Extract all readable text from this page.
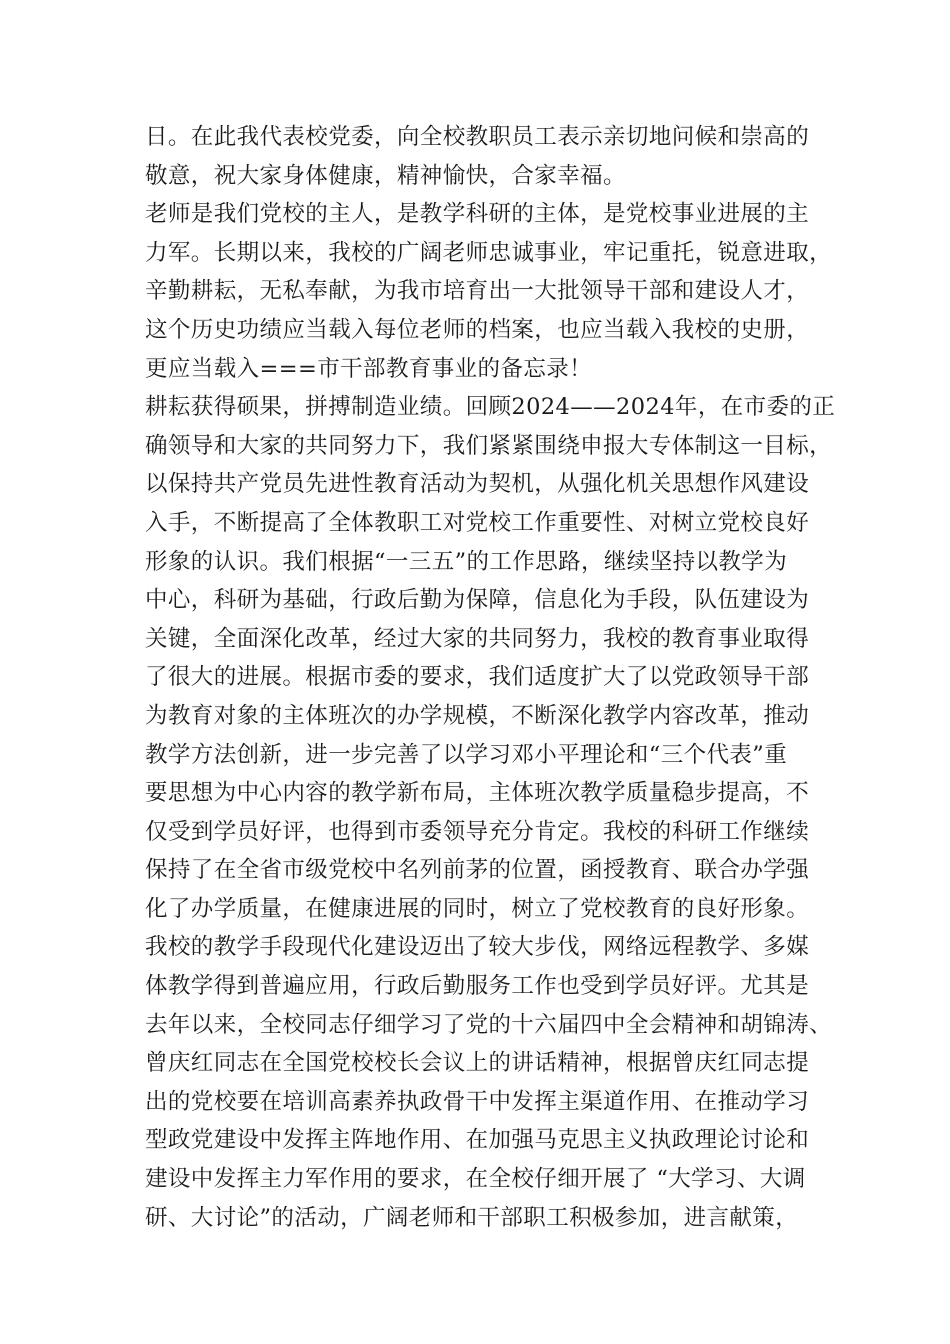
日。在此我代表校党委，向全校教职员工表示亲切地问候和崇高的
敬意，祝大家身体健康，精神愉快，合家幸福。
老师是我们党校的主人，是教学科研的主体，是党校事业进展的主
力军。长期以来，我校的广阔老师忠诚事业，牢记重托，锐意进取，
辛勤耕耘，无私奉献，为我市培育出一大批领导干部和建设人才，
这个历史功绩应当载入每位老师的档案，也应当载入我校的史册，
更应当载入===市干部教育事业的备忘录！
耕耘获得硕果，拼搏制造业绩。回顾2024——2024年，在市委的正
确领导和大家的共同努力下，我们紧紧围绕申报大专体制这一目标，
以保持共产党员先进性教育活动为契机，从强化机关思想作风建设
入手，不断提高了全体教职工对党校工作重要性、对树立党校良好
形象的认识。我们根据“一三五”的工作思路，继续坚持以教学为
中心，科研为基础，行政后勤为保障，信息化为手段，队伍建设为
关键，全面深化改革，经过大家的共同努力，我校的教育事业取得
了很大的进展。根据市委的要求，我们适度扩大了以党政领导干部
为教育对象的主体班次的办学规模，不断深化教学内容改革，推动
教学方法创新，进一步完善了以学习邓小平理论和“三个代表”重
要思想为中心内容的教学新布局，主体班次教学质量稳步提高，不
仅受到学员好评，也得到市委领导充分肯定。我校的科研工作继续
保持了在全省市级党校中名列前茅的位置，函授教育、联合办学强
化了办学质量，在健康进展的同时，树立了党校教育的良好形象。
我校的教学手段现代化建设迈出了较大步伐，网络远程教学、多媒
体教学得到普遍应用，行政后勤服务工作也受到学员好评。尤其是
去年以来，全校同志仔细学习了党的十六届四中全会精神和胡锦涛、
曾庆红同志在全国党校校长会议上的讲话精神，根据曾庆红同志提
出的党校要在培训高素养执政骨干中发挥主渠道作用、在推动学习
型政党建设中发挥主阵地作用、在加强马克思主义执政理论讨论和
建设中发挥主力军作用的要求，在全校仔细开展了 “大学习、大调
研、大讨论”的活动，广阔老师和干部职工积极参加，进言献策，
